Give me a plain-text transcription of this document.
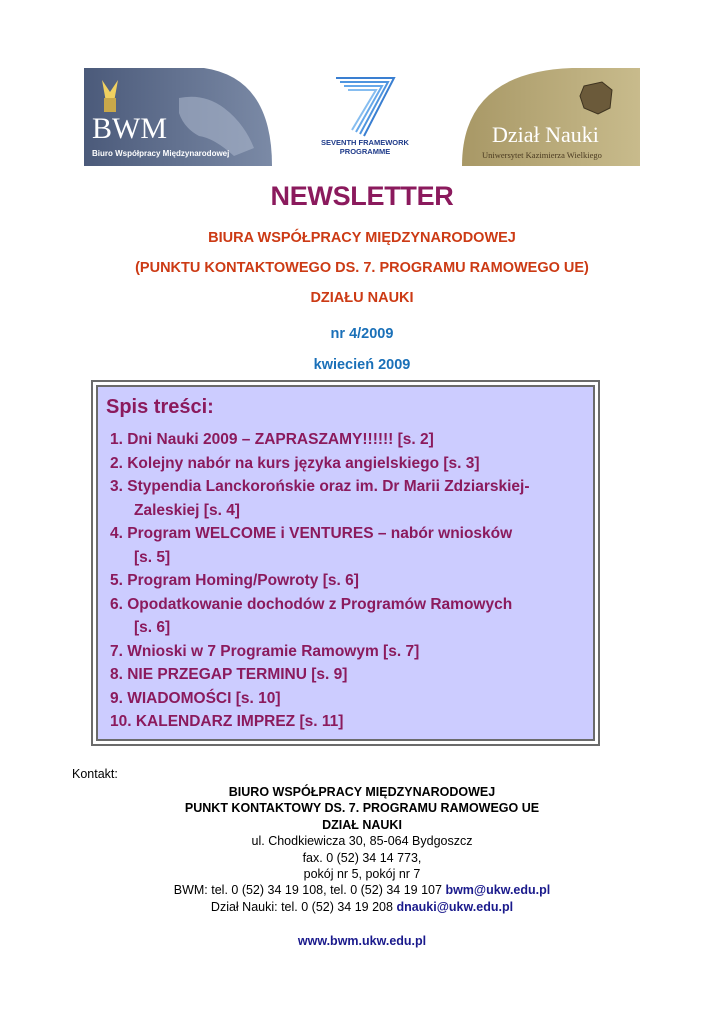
BWM
Biuro Współpracy Międzynarodowej
7
SEVENTH FRAMEWORK
PROGRAMME
Dział Nauki
Uniwersytet Kazimierza Wielkiego
NEWSLETTER
BIURA WSPÓŁPRACY MIĘDZYNARODOWEJ
(PUNKTU KONTAKTOWEGO DS. 7. PROGRAMU RAMOWEGO UE)
DZIAŁU NAUKI
nr 4/2009
kwiecień 2009
Spis treści:
1. Dni Nauki 2009 – ZAPRASZAMY!!!!!! [s. 2]
2. Kolejny nabór na kurs języka angielskiego [s. 3]
3. Stypendia Lanckorońskie oraz im. Dr Marii Zdziarskiej-
Zaleskiej [s. 4]
4. Program WELCOME i VENTURES – nabór wniosków
[s. 5]
5. Program Homing/Powroty [s. 6]
6. Opodatkowanie dochodów z Programów Ramowych
[s. 6]
7. Wnioski w 7 Programie Ramowym [s. 7]
8. NIE PRZEGAP TERMINU [s. 9]
9. WIADOMOŚCI [s. 10]
10. KALENDARZ IMPREZ [s. 11]
Kontakt:
BIURO WSPÓŁPRACY MIĘDZYNARODOWEJ
PUNKT KONTAKTOWY DS. 7. PROGRAMU RAMOWEGO UE
DZIAŁ NAUKI
ul. Chodkiewicza 30, 85-064 Bydgoszcz
fax. 0 (52) 34 14 773,
pokój nr 5, pokój nr 7
BWM: tel. 0 (52) 34 19 108, tel. 0 (52) 34 19 107 bwm@ukw.edu.pl
Dział Nauki: tel. 0 (52) 34 19 208 dnauki@ukw.edu.pl
www.bwm.ukw.edu.pl
